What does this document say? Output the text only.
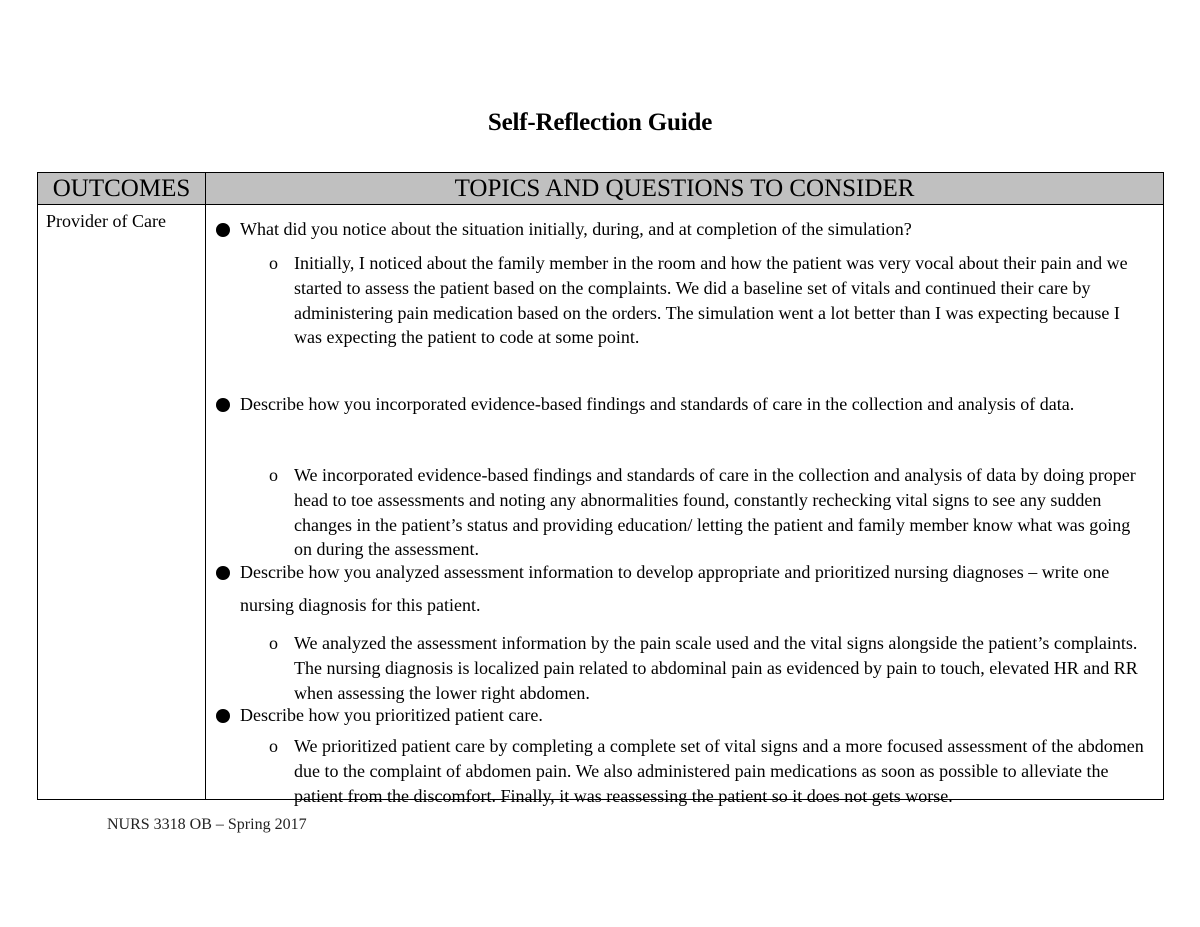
Self-Reflection Guide
OUTCOMES	TOPICS AND QUESTIONS TO CONSIDER
Provider of Care	What did you notice about the situation initially, during, and at completion of the simulation?
o Initially, I noticed about the family member in the room and how the patient was very vocal about their pain and we started to assess the patient based on the complaints. We did a baseline set of vitals and continued their care by administering pain medication based on the orders. The simulation went a lot better than I was expecting because I was expecting the patient to code at some point.
Describe how you incorporated evidence-based findings and standards of care in the collection and analysis of data.
o We incorporated evidence-based findings and standards of care in the collection and analysis of data by doing proper head to toe assessments and noting any abnormalities found, constantly rechecking vital signs to see any sudden changes in the patient’s status and providing education/ letting the patient and family member know what was going on during the assessment.
Describe how you analyzed assessment information to develop appropriate and prioritized nursing diagnoses – write one nursing diagnosis for this patient.
o We analyzed the assessment information by the pain scale used and the vital signs alongside the patient’s complaints. The nursing diagnosis is localized pain related to abdominal pain as evidenced by pain to touch, elevated HR and RR when assessing the lower right abdomen.
Describe how you prioritized patient care.
o We prioritized patient care by completing a complete set of vital signs and a more focused assessment of the abdomen due to the complaint of abdomen pain. We also administered pain medications as soon as possible to alleviate the patient from the discomfort. Finally, it was reassessing the patient so it does not gets worse.
NURS 3318 OB – Spring 2017
